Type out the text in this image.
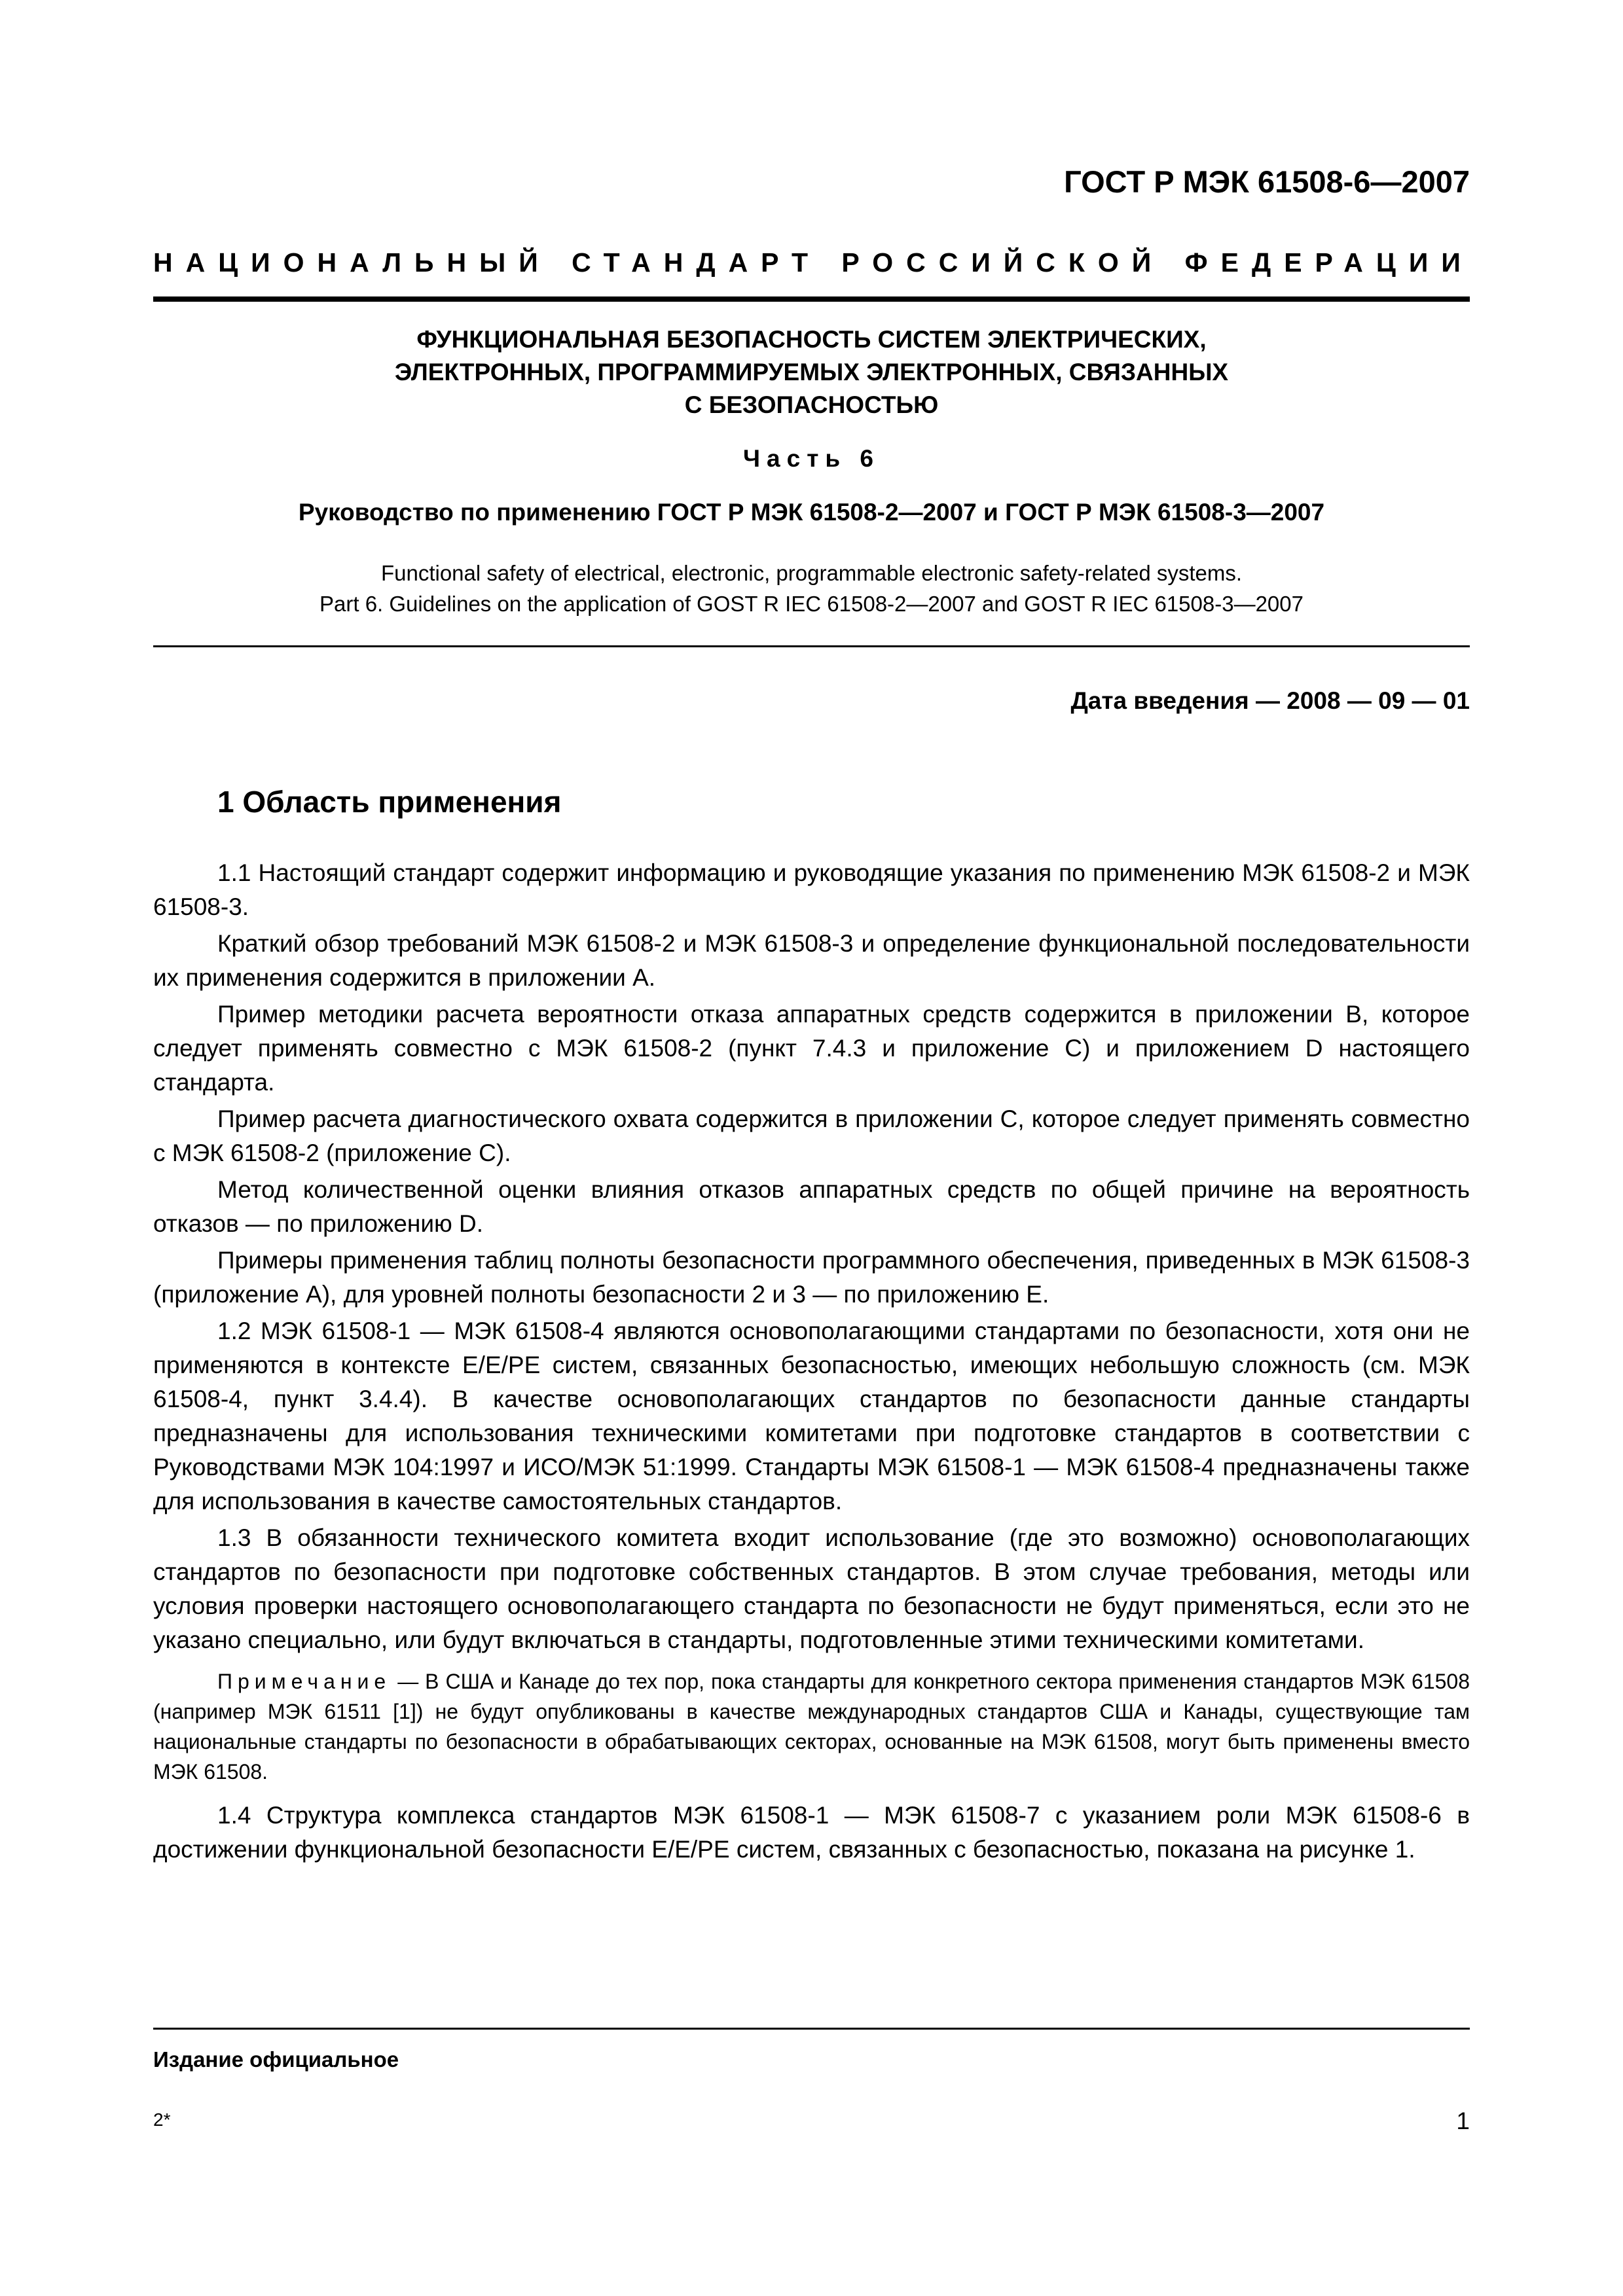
ГОСТ Р МЭК 61508-6—2007
НАЦИОНАЛЬНЫЙ СТАНДАРТ РОССИЙСКОЙ ФЕДЕРАЦИИ
ФУНКЦИОНАЛЬНАЯ БЕЗОПАСНОСТЬ СИСТЕМ ЭЛЕКТРИЧЕСКИХ,
ЭЛЕКТРОННЫХ, ПРОГРАММИРУЕМЫХ ЭЛЕКТРОННЫХ, СВЯЗАННЫХ
С БЕЗОПАСНОСТЬЮ
Часть 6
Руководство по применению ГОСТ Р МЭК 61508-2—2007 и ГОСТ Р МЭК 61508-3—2007
Functional safety of electrical, electronic, programmable electronic safety-related systems.
Part 6. Guidelines on the application of GOST R IEC 61508-2—2007 and GOST R IEC 61508-3—2007
Дата введения — 2008 — 09 — 01
1 Область применения

1.1 Настоящий стандарт содержит информацию и руководящие указания по применению МЭК 61508-2 и МЭК 61508-3.

Краткий обзор требований МЭК 61508-2 и МЭК 61508-3 и определение функциональной последовательности их применения содержится в приложении А.

Пример методики расчета вероятности отказа аппаратных средств содержится в приложении В, которое следует применять совместно с МЭК 61508-2 (пункт 7.4.3 и приложение С) и приложением D настоящего стандарта.

Пример расчета диагностического охвата содержится в приложении С, которое следует применять совместно с МЭК 61508-2 (приложение С).

Метод количественной оценки влияния отказов аппаратных средств по общей причине на вероятность отказов — по приложению D.

Примеры применения таблиц полноты безопасности программного обеспечения, приведенных в МЭК 61508-3 (приложение А), для уровней полноты безопасности 2 и 3 — по приложению Е.

1.2 МЭК 61508-1 — МЭК 61508-4 являются основополагающими стандартами по безопасности, хотя они не применяются в контексте Е/Е/РЕ систем, связанных безопасностью, имеющих небольшую сложность (см. МЭК 61508-4, пункт 3.4.4). В качестве основополагающих стандартов по безопасности данные стандарты предназначены для использования техническими комитетами при подготовке стандартов в соответствии с Руководствами МЭК 104:1997 и ИСО/МЭК 51:1999. Стандарты МЭК 61508-1 — МЭК 61508-4 предназначены также для использования в качестве самостоятельных стандартов.

1.3 В обязанности технического комитета входит использование (где это возможно) основополагающих стандартов по безопасности при подготовке собственных стандартов. В этом случае требования, методы или условия проверки настоящего основополагающего стандарта по безопасности не будут применяться, если это не указано специально, или будут включаться в стандарты, подготовленные этими техническими комитетами.

Примечание — В США и Канаде до тех пор, пока стандарты для конкретного сектора применения стандартов МЭК 61508 (например МЭК 61511 [1]) не будут опубликованы в качестве международных стандартов США и Канады, существующие там национальные стандарты по безопасности в обрабатывающих секторах, основанные на МЭК 61508, могут быть применены вместо МЭК 61508.

1.4 Структура комплекса стандартов МЭК 61508-1 — МЭК 61508-7 с указанием роли МЭК 61508-6 в достижении функциональной безопасности Е/Е/РЕ систем, связанных с безопасностью, показана на рисунке 1.

Издание официальное
2*	1
